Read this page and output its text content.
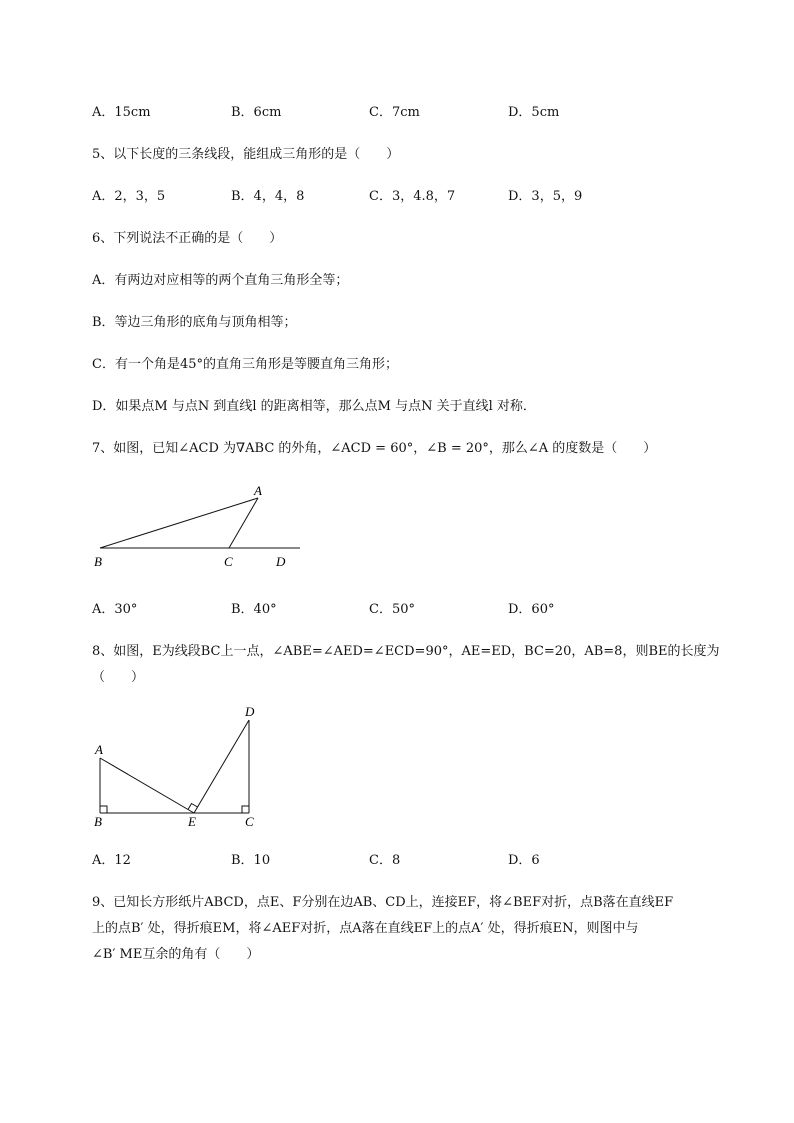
A．15cm	B．6cm	C．7cm	D．5cm
5、以下长度的三条线段，能组成三角形的是（　　）
A．2，3，5	B．4，4，8	C．3，4.8，7	D．3，5，9
6、下列说法不正确的是（　　）
A．有两边对应相等的两个直角三角形全等；
B．等边三角形的底角与顶角相等；
C．有一个角是45°的直角三角形是等腰直角三角形；
D．如果点M 与点N 到直线l 的距离相等，那么点M 与点N 关于直线l 对称．
7、如图，已知∠ACD 为∇ABC 的外角，∠ACD = 60°，∠B = 20°，那么∠A 的度数是（　　）
A
B	C	D
A．30°	B．40°	C．50°	D．60°
8、如图，E为线段BC上一点，∠ABE=∠AED=∠ECD=90°，AE=ED，BC=20，AB=8，则BE的长度为
（　　）
A
B	C
D
E
A．12	B．10	C．8	D．6
9、已知长方形纸片ABCD，点E、F分别在边AB、CD上，连接EF，将∠BEF对折，点B落在直线EF
上的点B′ 处，得折痕EM，将∠AEF对折，点A落在直线EF上的点A′ 处，得折痕EN，则图中与
∠B′ ME互余的角有（　　）
